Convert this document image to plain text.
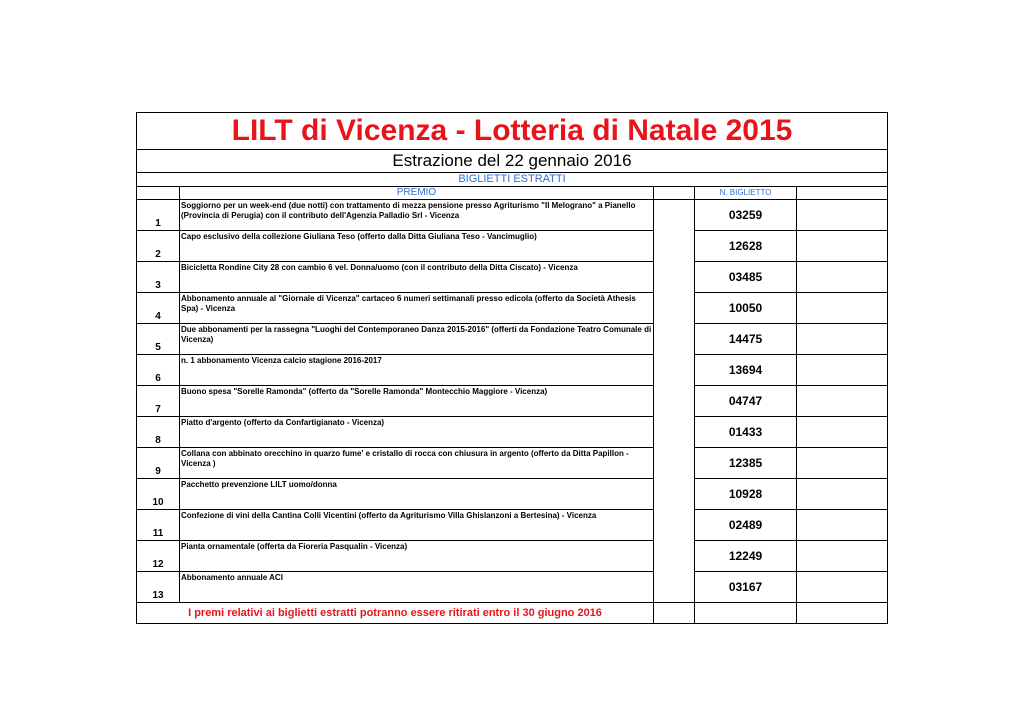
LILT di Vicenza - Lotteria di Natale 2015				
Estrazione del 22 gennaio 2016				
BIGLIETTI ESTRATTI				
	PREMIO		N. BIGLIETTO	
1	Soggiorno per un week-end (due notti) con trattamento di mezza pensione presso Agriturismo "Il Melograno" a Pianello (Provincia di Perugia) con il contributo dell'Agenzia Palladio Srl - Vicenza		03259	
2	Capo esclusivo della collezione Giuliana Teso (offerto dalla Ditta Giuliana Teso - Vancimuglio)		12628	
3	Bicicletta Rondine City 28 con cambio 6 vel. Donna/uomo (con il contributo della Ditta Ciscato) - Vicenza		03485	
4	Abbonamento annuale al "Giornale di Vicenza" cartaceo 6 numeri settimanali presso edicola (offerto da Società Athesis Spa) - Vicenza		10050	
5	Due abbonamenti per la rassegna "Luoghi del Contemporaneo Danza 2015-2016" (offerti da Fondazione Teatro Comunale di Vicenza)		14475	
6	n. 1 abbonamento Vicenza calcio stagione 2016-2017		13694	
7	Buono spesa "Sorelle Ramonda" (offerto da "Sorelle Ramonda" Montecchio Maggiore - Vicenza)		04747	
8	Piatto d'argento (offerto da Confartigianato - Vicenza)		01433	
9	Collana con abbinato orecchino in quarzo fume' e cristallo di rocca con chiusura in argento (offerto da Ditta Papillon - Vicenza )		12385	
10	Pacchetto prevenzione LILT uomo/donna		10928	
11	Confezione di vini della Cantina Colli Vicentini (offerto da Agriturismo Villa Ghislanzoni a Bertesina) - Vicenza		02489	
12	Pianta ornamentale (offerta da Fioreria Pasqualin - Vicenza)		12249	
13	Abbonamento annuale ACI		03167	
I premi relativi ai biglietti estratti potranno essere ritirati entro il 30 giugno 2016				
